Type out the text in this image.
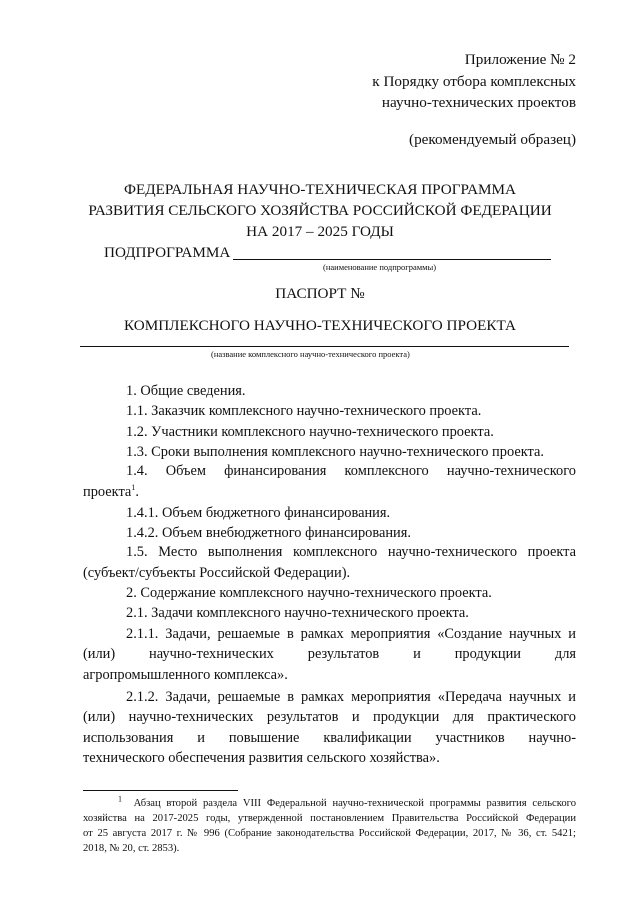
Приложение № 2
к Порядку отбора комплексных
научно-технических проектов
(рекомендуемый образец)
ФЕДЕРАЛЬНАЯ НАУЧНО-ТЕХНИЧЕСКАЯ ПРОГРАММА
РАЗВИТИЯ СЕЛЬСКОГО ХОЗЯЙСТВА РОССИЙСКОЙ ФЕДЕРАЦИИ
НА 2017 – 2025 ГОДЫ
ПОДПРОГРАММА
(наименование подпрограммы)
ПАСПОРТ №
КОМПЛЕКСНОГО НАУЧНО-ТЕХНИЧЕСКОГО ПРОЕКТА
(название комплексного научно-технического проекта)
1. Общие сведения.
1.1. Заказчик комплексного научно-технического проекта.
1.2. Участники комплексного научно-технического проекта.
1.3. Сроки выполнения комплексного научно-технического проекта.
1.4. Объем финансирования комплексного научно-технического
проекта$^1$.
1.4.1. Объем бюджетного финансирования.
1.4.2. Объем внебюджетного финансирования.
1.5. Место выполнения комплексного научно-технического проекта
(субъект/субъекты Российской Федерации).
2. Содержание комплексного научно-технического проекта.
2.1. Задачи комплексного научно-технического проекта.
2.1.1. Задачи, решаемые в рамках мероприятия «Создание научных и
(или) научно-технических результатов и продукции для
агропромышленного комплекса».
2.1.2. Задачи, решаемые в рамках мероприятия «Передача научных и
(или) научно-технических результатов и продукции для практического
использования и повышение квалификации участников научно-
технического обеспечения развития сельского хозяйства».
$^1$ Абзац второй раздела VIII Федеральной научно-технической программы развития сельского
хозяйства на 2017-2025 годы, утвержденной постановлением Правительства Российской Федерации
от 25 августа 2017 г. № 996 (Собрание законодательства Российской Федерации, 2017, № 36, ст. 5421;
2018, № 20, ст. 2853).
